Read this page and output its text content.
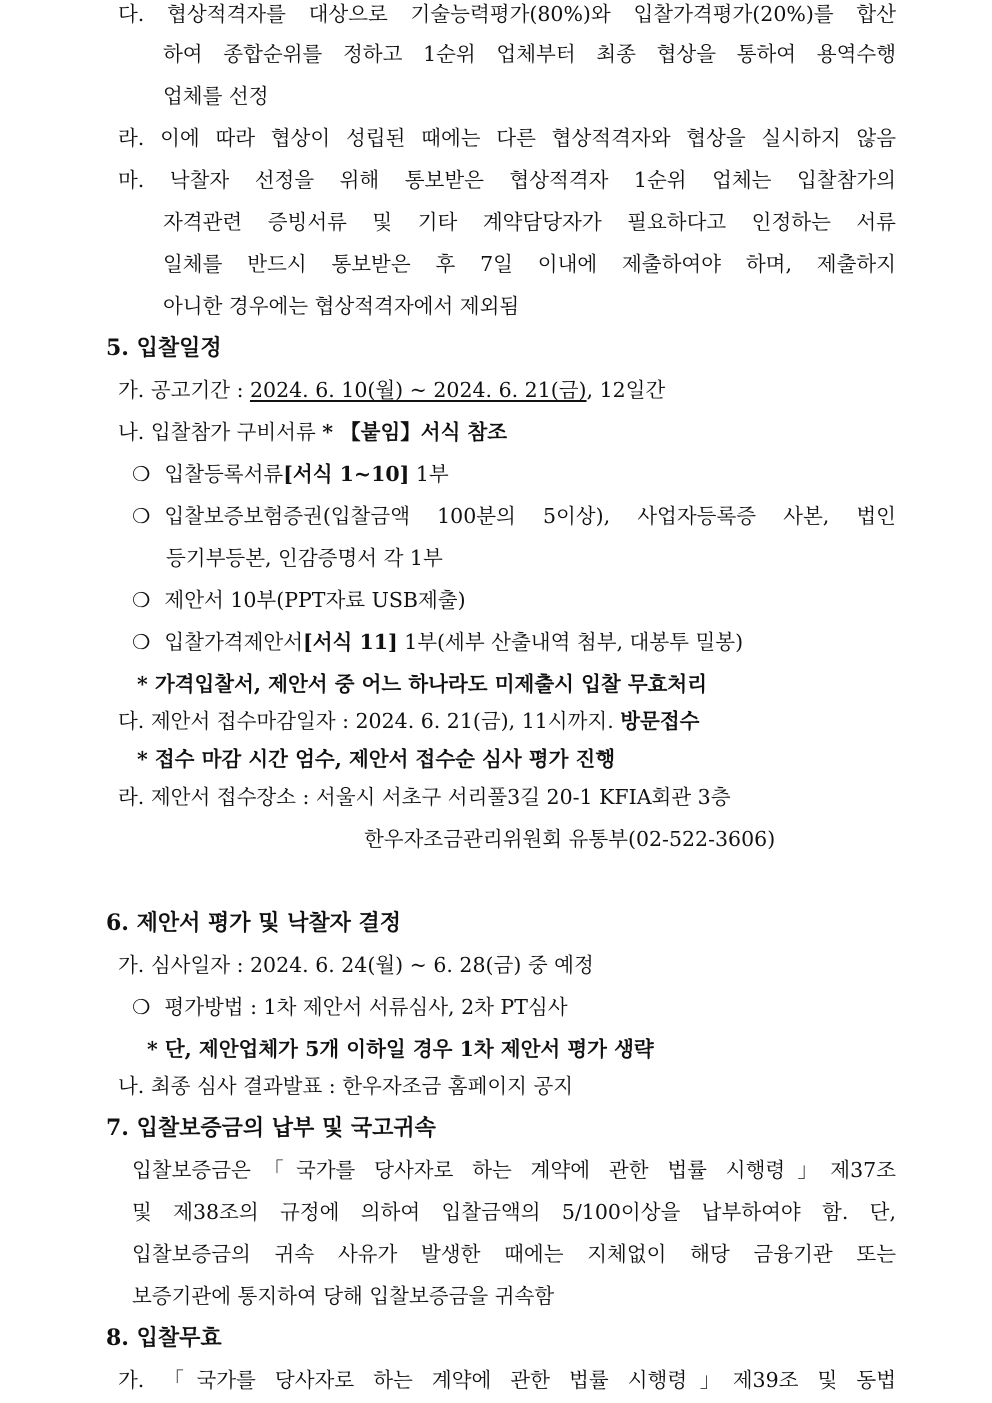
다. 협상적격자를 대상으로 기술능력평가(80%)와 입찰가격평가(20%)를 합산
하여 종합순위를 정하고 1순위 업체부터 최종 협상을 통하여 용역수행
업체를 선정
라. 이에 따라 협상이 성립된 때에는 다른 협상적격자와 협상을 실시하지 않음
마. 낙찰자 선정을 위해 통보받은 협상적격자 1순위 업체는 입찰참가의
자격관련 증빙서류 및 기타 계약담당자가 필요하다고 인정하는 서류
일체를 반드시 통보받은 후 7일 이내에 제출하여야 하며, 제출하지
아니한 경우에는 협상적격자에서 제외됨
5. 입찰일정
가. 공고기간 : 2024. 6. 10(월) ~ 2024. 6. 21(금), 12일간
나. 입찰참가 구비서류 * 【붙임】서식 참조
❍ 입찰등록서류[서식 1~10] 1부
❍ 입찰보증보험증권(입찰금액 100분의 5이상), 사업자등록증 사본, 법인
등기부등본, 인감증명서 각 1부
❍ 제안서 10부(PPT자료 USB제출)
❍ 입찰가격제안서[서식 11] 1부(세부 산출내역 첨부, 대봉투 밀봉)
* 가격입찰서, 제안서 중 어느 하나라도 미제출시 입찰 무효처리
다. 제안서 접수마감일자 : 2024. 6. 21(금), 11시까지. 방문접수
* 접수 마감 시간 엄수, 제안서 접수순 심사 평가 진행
라. 제안서 접수장소 : 서울시 서초구 서리풀3길 20-1 KFIA회관 3층
한우자조금관리위원회 유통부(02-522-3606)
6. 제안서 평가 및 낙찰자 결정
가. 심사일자 : 2024. 6. 24(월) ~ 6. 28(금) 중 예정
❍ 평가방법 : 1차 제안서 서류심사, 2차 PT심사
* 단, 제안업체가 5개 이하일 경우 1차 제안서 평가 생략
나. 최종 심사 결과발표 : 한우자조금 홈페이지 공지
7. 입찰보증금의 납부 및 국고귀속
입찰보증금은「국가를 당사자로 하는 계약에 관한 법률 시행령」제37조
및 제38조의 규정에 의하여 입찰금액의 5/100이상을 납부하여야 함. 단,
입찰보증금의 귀속 사유가 발생한 때에는 지체없이 해당 금융기관 또는
보증기관에 통지하여 당해 입찰보증금을 귀속함
8. 입찰무효
가. 「국가를 당사자로 하는 계약에 관한 법률 시행령」제39조 및 동법
